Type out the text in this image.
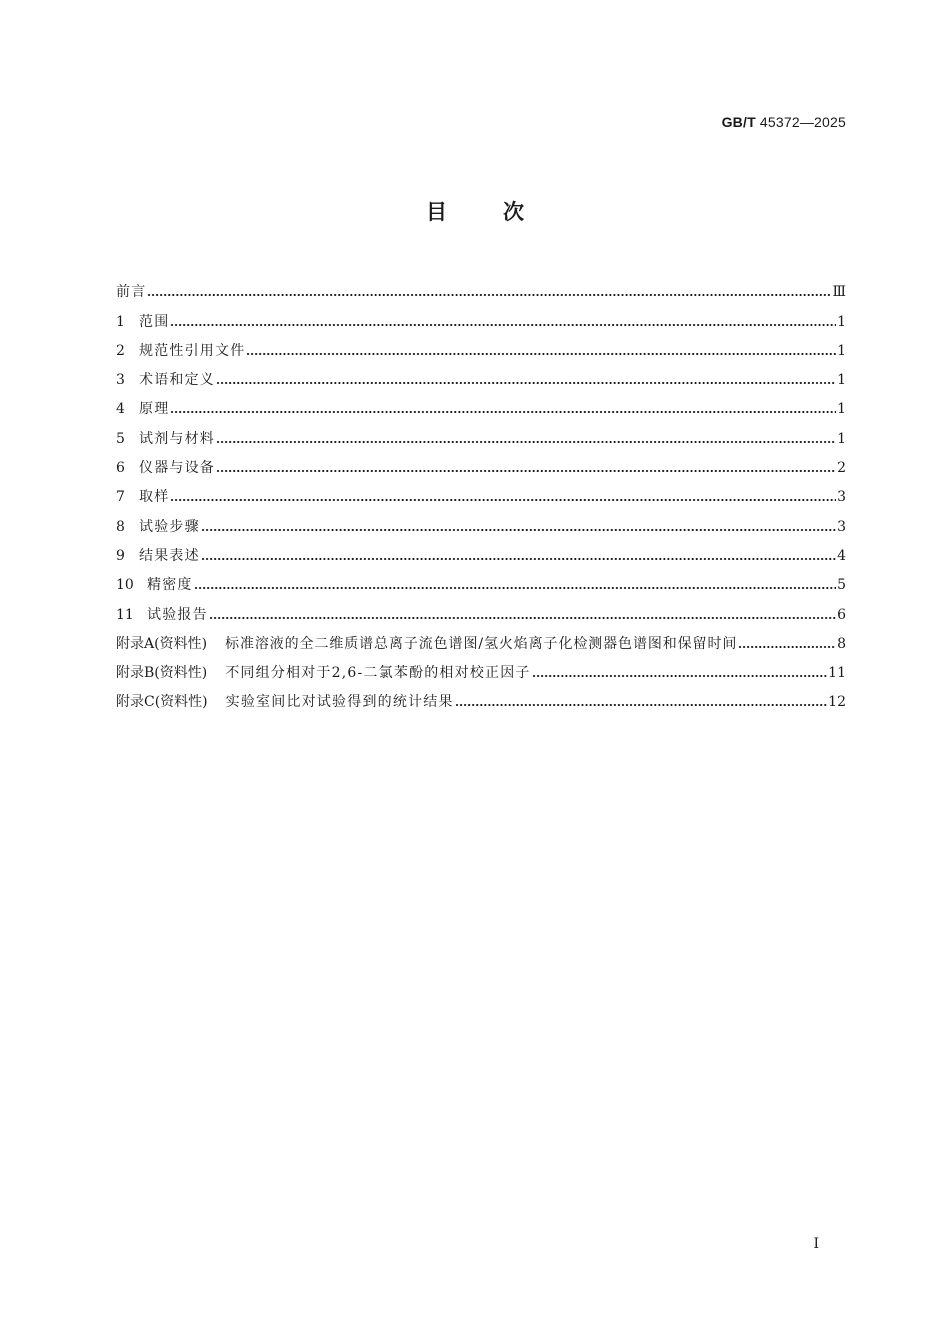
GB/T 45372—2025
目次
前言	Ⅲ
1	范围	1
2	规范性引用文件	1
3	术语和定义	1
4	原理	1
5	试剂与材料	1
6	仪器与设备	2
7	取样	3
8	试验步骤	3
9	结果表述	4
10 精密度	5
11 试验报告	6
附录A(资料性)	标准溶液的全二维质谱总离子流色谱图/氢火焰离子化检测器色谱图和保留时间	8
附录B(资料性)	不同组分相对于2,6-二氯苯酚的相对校正因子	11
附录C(资料性)	实验室间比对试验得到的统计结果	12
I
